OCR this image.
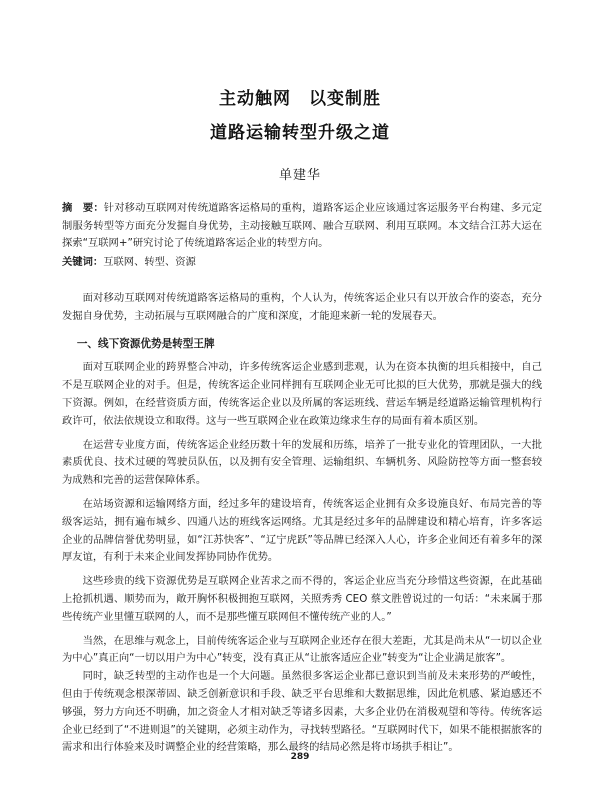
主动触网　以变制胜
道路运输转型升级之道
单建华
摘　要：针对移动互联网对传统道路客运格局的重构，道路客运企业应该通过客运服务平台构建、多元定制服务转型等方面充分发掘自身优势，主动接触互联网、融合互联网、利用互联网。本文结合江苏大运在探索“互联网+”研究讨论了传统道路客运企业的转型方向。
关键词：互联网、转型、资源

面对移动互联网对传统道路客运格局的重构，个人认为，传统客运企业只有以开放合作的姿态，充分发掘自身优势，主动拓展与互联网融合的广度和深度，才能迎来新一轮的发展春天。

一、线下资源优势是转型王牌

面对互联网企业的跨界整合冲动，许多传统客运企业感到悲观，认为在资本执衡的坦兵相接中，自己不是互联网企业的对手。但是，传统客运企业同样拥有互联网企业无可比拟的巨大优势，那就是强大的线下资源。例如，在经营资质方面，传统客运企业以及所属的客运班线、营运车辆是经道路运输管理机构行政许可，依法依规设立和取得。这与一些互联网企业在政策边缘求生存的局面有着本质区别。

在运营专业度方面，传统客运企业经历数十年的发展和历练，培养了一批专业化的管理团队，一大批素质优良、技术过硬的驾驶员队伍，以及拥有安全管理、运输组织、车辆机务、风险防控等方面一整套较为成熟和完善的运营保障体系。

在站场资源和运输网络方面，经过多年的建设培育，传统客运企业拥有众多设施良好、布局完善的等级客运站，拥有遍布城乡、四通八达的班线客运网络。尤其是经过多年的品牌建设和精心培育，许多客运企业的品牌信誉优势明显，如“江苏快客”、“辽宁虎跃”等品牌已经深入人心，许多企业间还有着多年的深厚友谊，有利于未来企业间发挥协同协作优势。

这些珍贵的线下资源优势是互联网企业苦求之而不得的，客运企业应当充分珍惜这些资源，在此基础上抢抓机遇、顺势而为，敞开胸怀积极拥抱互联网，关照秀秀 CEO 蔡文胜曾说过的一句话：“未来属于那些传统产业里懂互联网的人，而不是那些懂互联网但不懂传统产业的人。”

当然，在思维与观念上，目前传统客运企业与互联网企业还存在很大差距，尤其是尚未从“一切以企业为中心”真正向“一切以用户为中心”转变，没有真正从“让旅客适应企业”转变为“让企业满足旅客”。

同时，缺乏转型的主动作也是一个大问题。虽然很多客运企业都已意识到当前及未来形势的严峻性，但由于传统观念根深蒂固、缺乏创新意识和手段、缺乏平台思维和大数据思维，因此危机感、紧迫感还不够强，努力方向还不明确，加之资金人才相对缺乏等诸多因素，大多企业仍在消极观望和等待。传统客运企业已经到了“不进则退”的关键期，必须主动作为，寻找转型路径。“互联网时代下，如果不能根据旅客的需求和出行体验来及时调整企业的经营策略，那么最终的结局必然是将市场拱手相让”。

289
